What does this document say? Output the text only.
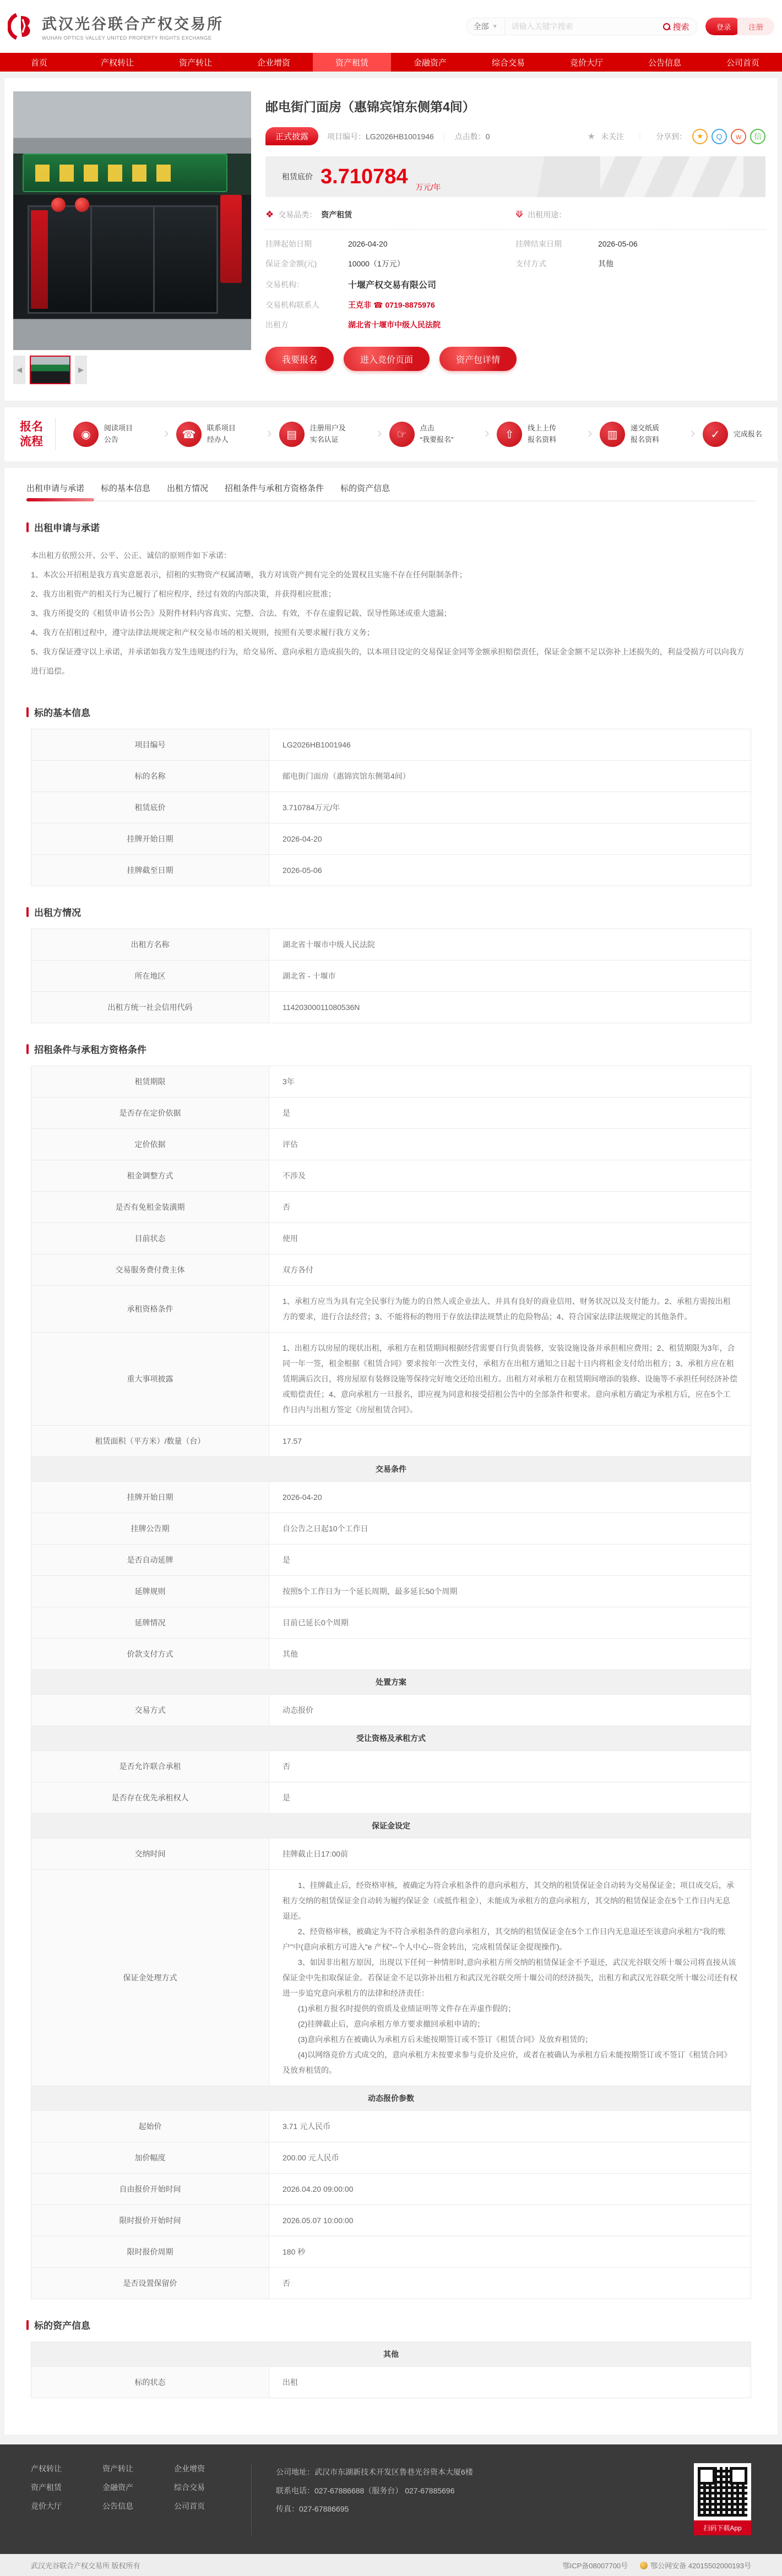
武汉光谷联合产权交易所
WUHAN OPTICS VALLEY UNITED PROPERTY RIGHTS EXCHANGE
全部 ▼
请输入关键字搜索	搜索	登录	注册
首页	产权转让	资产转让	企业增资	资产租赁	金融资产	综合交易	竞价大厅	公告信息	公司首页
◀	▶
邮电街门面房（惠锦宾馆东侧第4间）
正式披露	项目编号： LG2026HB1001946 ｜ 点击数： 0	★ 未关注 ｜ 分享到：	★	Q	w	信
租赁底价 3.710784 万元/年
❖ 交易品类： 资产租赁	⟱ 出租用途：
挂牌起始日期	2026-04-20	挂牌结束日期	2026-05-06
保证金金额(元)	10000（1万元）	支付方式	其他
交易机构：	十堰产权交易有限公司
交易机构联系人	王克非 ☎ 0719-8875976
出租方	湖北省十堰市中级人民法院
我要报名	进入竞价页面	资产包详情
报名
流程
◉
阅读项目
公告	› ☎
联系项目
经办人	› ▤
注册用户及
实名认证	› ☞
点击
“我要报名”	› ⇧
线上上传
报名资料	› ▥
递交纸质
报名资料	› ✓	完成报名
出租申请与承诺 标的基本信息 出租方情况 招租条件与承租方资格条件 标的资产信息
出租申请与承诺
本出租方依照公开、公平、公正、诚信的原则作如下承诺：
1、本次公开招租是我方真实意愿表示，招租的实物资产权属清晰，我方对该资产拥有完全的处置权且实施不存在任何限制条件；
2、我方出租资产的相关行为已履行了相应程序，经过有效的内部决策，并获得相应批准；
3、我方所提交的《租赁申请书公告》及附件材料内容真实、完整、合法、有效，不存在虚假记载、误导性陈述或重大遗漏；
4、我方在招租过程中，遵守法律法规规定和产权交易市场的相关规则，按照有关要求履行我方义务；
5、我方保证遵守以上承诺，并承诺如我方发生违规违约行为，给交易所、意向承租方造成损失的，以本项目设定的交易保证金同等金额承担赔偿责任，保证金金额不足以弥补上述损失的，利益受损方可以向我方进行追偿。
标的基本信息
项目编号	LG2026HB1001946
标的名称	邮电街门面房（惠锦宾馆东侧第4间）
租赁底价	3.710784万元/年
挂牌开始日期	2026-04-20
挂牌截至日期	2026-05-06
出租方情况
出租方名称	湖北省十堰市中级人民法院
所在地区	湖北省 - 十堰市
出租方统一社会信用代码	11420300011080536N
招租条件与承租方资格条件
租赁期限	3年
是否存在定价依据	是
定价依据	评估
租金调整方式	不涉及
是否有免租金装潢期	否
目前状态	使用
交易服务费付费主体	双方各付
承租资格条件
1、承租方应当为具有完全民事行为能力的自然人或企业法人、并具有良好的商业信用、财务状况以及支付能力。2、承租方需按出租方的要求，进行合法经营；3、不能将标的物用于存放法律法规禁止的危险物品；4、符合国家法律法规规定的其他条件。
重大事项披露
1、出租方以房屋的现状出租，承租方在租赁期间根据经营需要自行负责装修，安装设施设备并承担相应费用；2、租赁期限为3年，合同一年一签，租金根据《租赁合同》要求按年一次性支付，承租方在出租方通知之日起十日内将租金支付给出租方；3、承租方应在租赁期满后次日，将房屋原有装修设施等保持完好地交还给出租方。出租方对承租方在租赁期间增添的装修、设施等不承担任何经济补偿或赔偿责任；4、意向承租方一旦报名，即应视为同意和接受招租公告中的全部条件和要求。意向承租方确定为承租方后，应在5个工作日内与出租方签定《房屋租赁合同》。
租赁面积（平方米）/数量（台）	17.57
交易条件
挂牌开始日期	2026-04-20
挂牌公告期	自公告之日起10个工作日
是否自动延牌	是
延牌规则	按照5个工作日为一个延长周期，最多延长50个周期
延牌情况	目前已延长0个周期
价款支付方式	其他
处置方案
交易方式	动态报价
受让资格及承租方式
是否允许联合承租	否
是否存在优先承租权人	是
保证金设定
交纳时间	挂牌截止日17:00前
保证金处理方式
1、挂牌截止后，经资格审核，被确定为符合承租条件的意向承租方，其交纳的租赁保证金自动转为交易保证金；项目成交后，承租方交纳的租赁保证金自动转为履约保证金（或抵作租金），未能成为承租方的意向承租方，其交纳的租赁保证金在5个工作日内无息退还。
2、经资格审核，被确定为不符合承租条件的意向承租方，其交纳的租赁保证金在5个工作日内无息退还至该意向承租方"我的账户"中(意向承租方可进入"e 产权"--个人中心--资金转出，完成租赁保证金提现操作)。
3、如因非出租方原因，出现以下任何一种情形时,意向承租方所交纳的租赁保证金不予退还，武汉光谷联交所十堰公司将直接从该保证金中先扣取保证金。若保证金不足以弥补出租方和武汉光谷联交所十堰公司的经济损失，出租方和武汉光谷联交所十堰公司还有权进一步追究意向承租方的法律和经济责任：
(1)承租方报名时提供的资质及业绩证明等文件存在弄虚作假的；
(2)挂牌截止后，意向承租方单方要求撤回承租申请的；
(3)意向承租方在被确认为承租方后未能按期签订或不签订《租赁合同》及放弃租赁的；
(4)以网络竞价方式成交的，意向承租方未按要求参与竞价及应价，或者在被确认为承租方后未能按期签订或不签订《租赁合同》及放弃租赁的。
动态报价参数
起始价	3.71 元人民币
加价幅度	200.00 元人民币
自由报价开始时间	2026.04.20 09:00:00
限时报价开始时间	2026.05.07 10:00:00
限时报价周期	180 秒
是否设置保留价	否
标的资产信息
其他
标的状态	出租
产权转让	资产转让	企业增资
资产租赁	金融资产	综合交易
竞价大厅	公告信息	公司首页
公司地址：武汉市东湖新技术开发区鲁巷光谷资本大厦6楼
联系电话：027-67886688（服务台） 027-67885696
传真：027-67886695
扫码下载App
武汉光谷联合产权交易所 版权所有	鄂ICP备08007700号	鄂公网安备 42015502000193号
